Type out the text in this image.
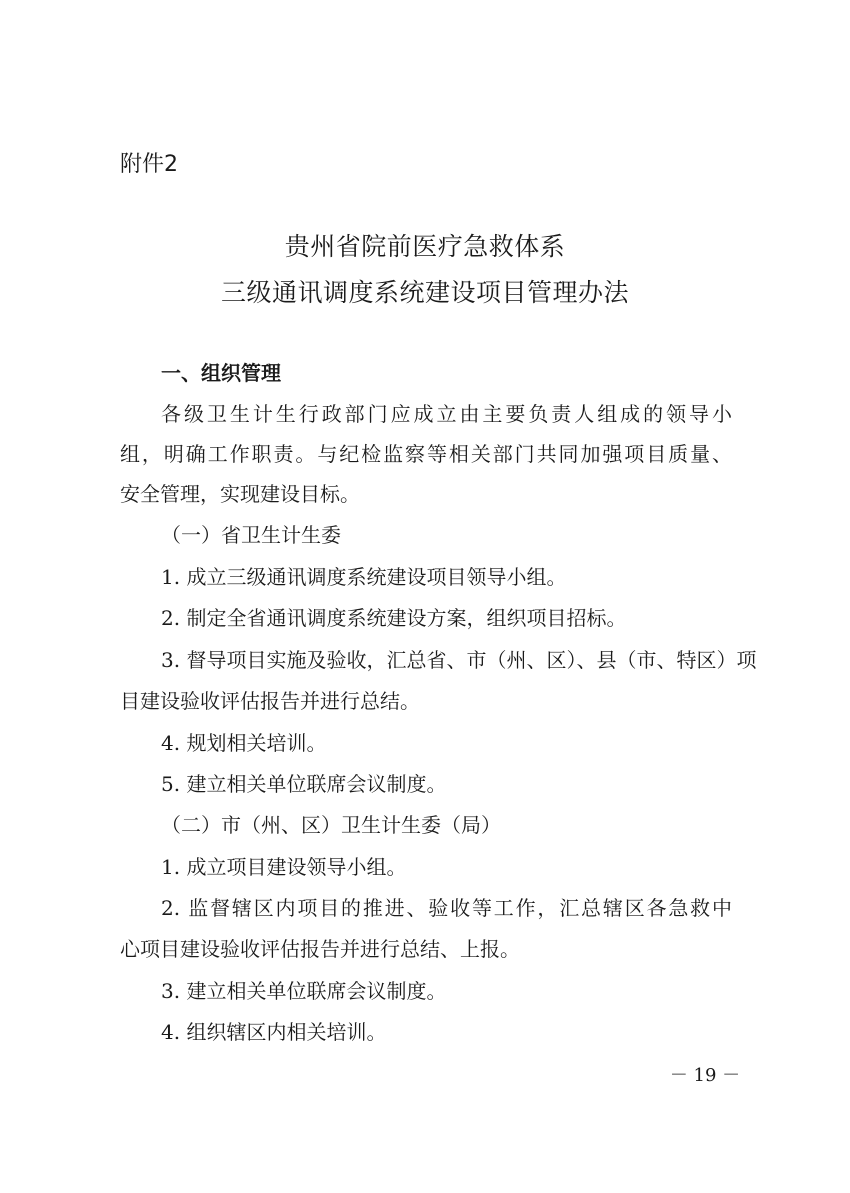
附件2
贵州省院前医疗急救体系
三级通讯调度系统建设项目管理办法
一、组织管理
各级卫生计生行政部门应成立由主要负责人组成的领导小
组，明确工作职责。与纪检监察等相关部门共同加强项目质量、
安全管理，实现建设目标。
（一）省卫生计生委
1. 成立三级通讯调度系统建设项目领导小组。
2. 制定全省通讯调度系统建设方案，组织项目招标。
3. 督导项目实施及验收，汇总省、市（州、区）、县（市、特区）项
目建设验收评估报告并进行总结。
4. 规划相关培训。
5. 建立相关单位联席会议制度。
（二）市（州、区）卫生计生委（局）
1. 成立项目建设领导小组。
2. 监督辖区内项目的推进、验收等工作，汇总辖区各急救中
心项目建设验收评估报告并进行总结、上报。
3. 建立相关单位联席会议制度。
4. 组织辖区内相关培训。
－ 19 －
